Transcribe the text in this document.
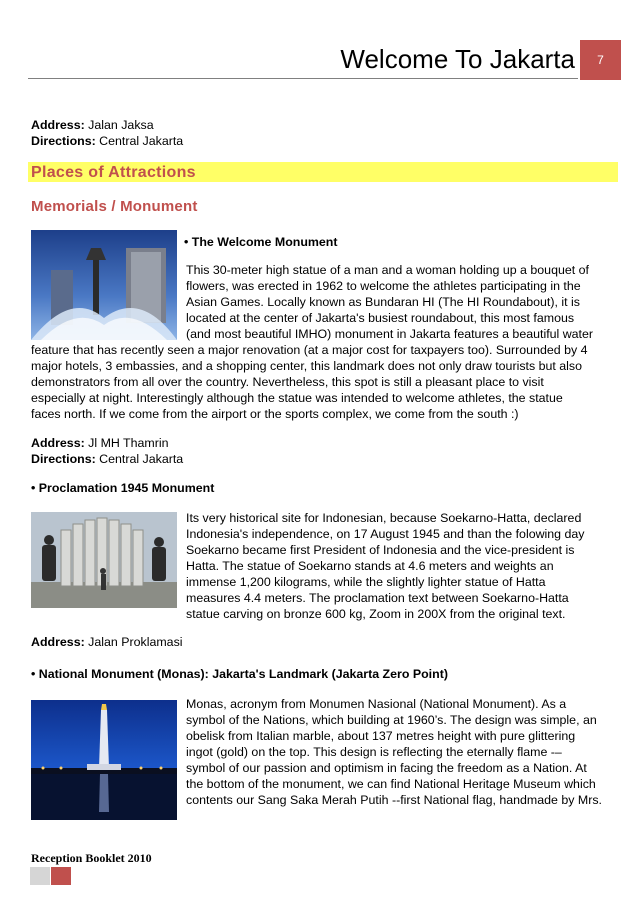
Welcome To Jakarta 7
Address: Jalan Jaksa
Directions: Central Jakarta
Places of Attractions
Memorials / Monument
• The Welcome Monument
This 30-meter high statue of a man and a woman holding up a bouquet of
flowers, was erected in 1962 to welcome the athletes participating in the
Asian Games. Locally known as Bundaran HI (The HI Roundabout), it is
located at the center of Jakarta's busiest roundabout, this most famous
(and most beautiful IMHO) monument in Jakarta features a beautiful water
feature that has recently seen a major renovation (at a major cost for taxpayers too). Surrounded by 4
major hotels, 3 embassies, and a shopping center, this landmark does not only draw tourists but also
demonstrators from all over the country. Nevertheless, this spot is still a pleasant place to visit
especially at night. Interestingly although the statue was intended to welcome athletes, the statue
faces north. If we come from the airport or the sports complex, we come from the south :)
Address: Jl MH Thamrin
Directions: Central Jakarta
• Proclamation 1945 Monument
Its very historical site for Indonesian, because Soekarno-Hatta, declared
Indonesia's independence, on 17 August 1945 and than the folowing day
Soekarno became first President of Indonesia and the vice-president is
Hatta. The statue of Soekarno stands at 4.6 meters and weights an
immense 1,200 kilograms, while the slightly lighter statue of Hatta
measures 4.4 meters. The proclamation text between Soekarno-Hatta
statue carving on bronze 600 kg, Zoom in 200X from the original text.
Address: Jalan Proklamasi
• National Monument (Monas): Jakarta's Landmark (Jakarta Zero Point)
Monas, acronym from Monumen Nasional (National Monument). As a
symbol of the Nations, which building at 1960’s. The design was simple, an
obelisk from Italian marble, about 137 metres height with pure glittering
ingot (gold) on the top. This design is reflecting the eternally flame -–
symbol of our passion and optimism in facing the freedom as a Nation. At
the bottom of the monument, we can find National Heritage Museum which
contents our Sang Saka Merah Putih --first National flag, handmade by Mrs.
Reception Booklet 2010
